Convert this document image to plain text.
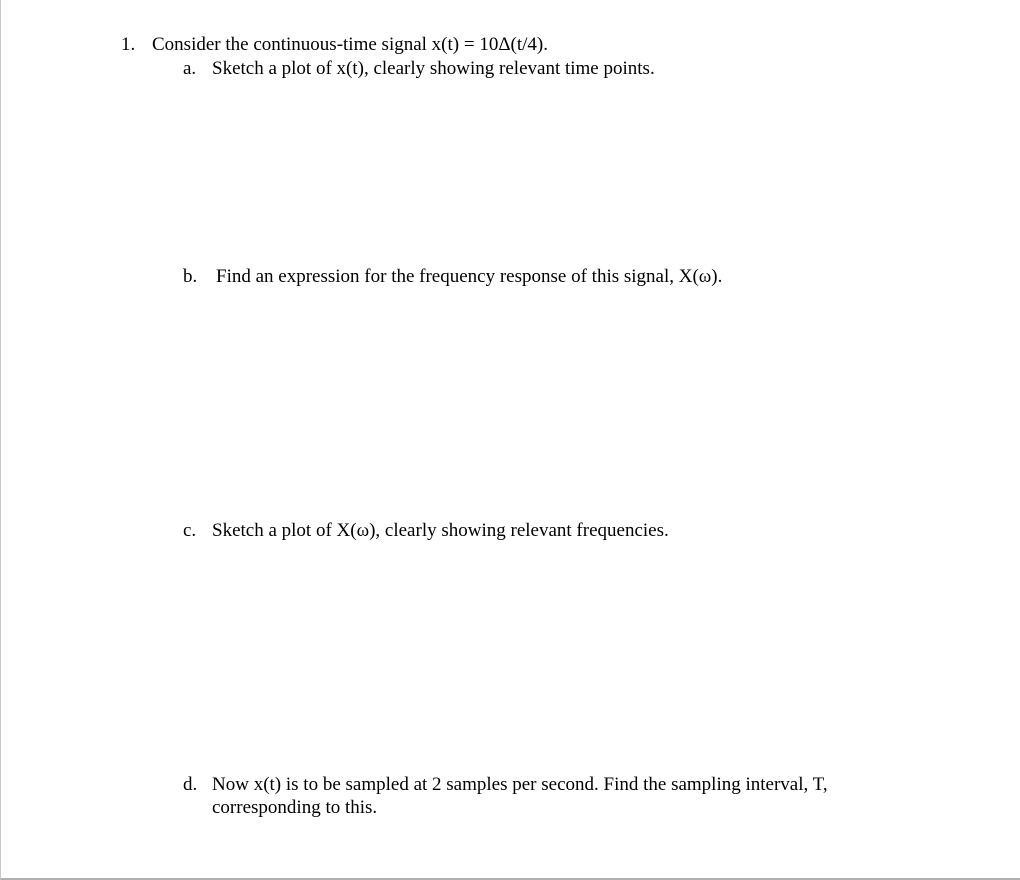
1. Consider the continuous-time signal x(t) = 10Δ(t/4).
a. Sketch a plot of x(t), clearly showing relevant time points.
b. Find an expression for the frequency response of this signal, X(ω).
c. Sketch a plot of X(ω), clearly showing relevant frequencies.
d. Now x(t) is to be sampled at 2 samples per second. Find the sampling interval, T,
corresponding to this.
